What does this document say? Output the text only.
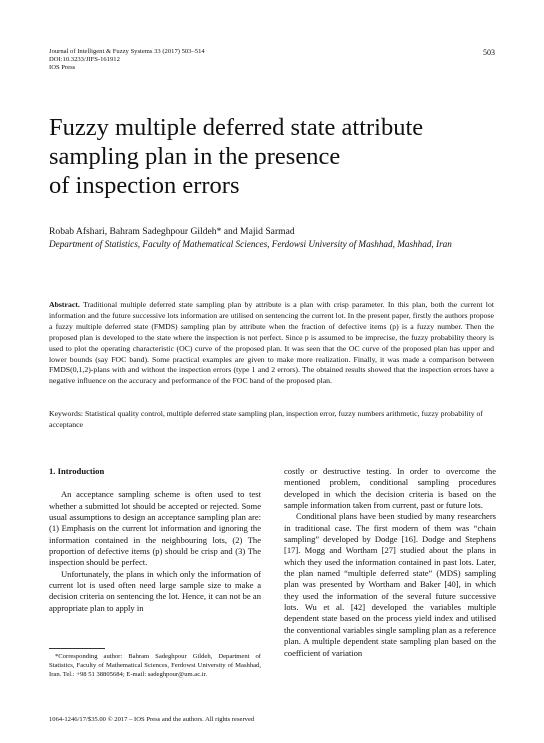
Journal of Intelligent & Fuzzy Systems 33 (2017) 503–514
DOI:10.3233/JIFS-161912
IOS Press
503
Fuzzy multiple deferred state attribute
sampling plan in the presence
of inspection errors
Robab Afshari, Bahram Sadeghpour Gildeh* and Majid Sarmad
Department of Statistics, Faculty of Mathematical Sciences, Ferdowsi University of Mashhad, Mashhad, Iran
Abstract. Traditional multiple deferred state sampling plan by attribute is a plan with crisp parameter. In this plan, both the current lot information and the future successive lots information are utilised on sentencing the current lot. In the present paper, firstly the authors propose a fuzzy multiple deferred state (FMDS) sampling plan by attribute when the fraction of defective items (p) is a fuzzy number. Then the proposed plan is developed to the state where the inspection is not perfect. Since p is assumed to be imprecise, the fuzzy probability theory is used to plot the operating characteristic (OC) curve of the proposed plan. It was seen that the OC curve of the proposed plan has upper and lower bounds (say FOC band). Some practical examples are given to make more realization. Finally, it was made a comparison between FMDS(0,1,2)-plans with and without the inspection errors (type 1 and 2 errors). The obtained results showed that the inspection errors have a negative influence on the accuracy and performance of the FOC band of the proposed plan.
Keywords: Statistical quality control, multiple deferred state sampling plan, inspection error, fuzzy numbers arithmetic, fuzzy probability of acceptance
1. Introduction

An acceptance sampling scheme is often used to test whether a submitted lot should be accepted or rejected. Some usual assumptions to design an acceptance sampling plan are: (1) Emphasis on the current lot information and ignoring the information contained in the neighbouring lots, (2) The proportion of defective items (p) should be crisp and (3) The inspection should be perfect.

Unfortunately, the plans in which only the information of current lot is used often need large sample size to make a decision criteria on sentencing the lot. Hence, it can not be an appropriate plan to apply in

costly or destructive testing. In order to overcome the mentioned problem, conditional sampling procedures developed in which the decision criteria is based on the sample information taken from current, past or future lots.

Conditional plans have been studied by many researchers in traditional case. The first modern of them was “chain sampling” developed by Dodge [16]. Dodge and Stephens [17]. Mogg and Wortham [27] studied about the plans in which they used the information contained in past lots. Later, the plan named “multiple deferred state” (MDS) sampling plan was presented by Wortham and Baker [40], in which they used the information of the several future successive lots. Wu et al. [42] developed the variables multiple dependent state based on the process yield index and utilised the conventional variables single sampling plan as a reference plan. A multiple dependent state sampling plan based on the coefficient of variation

*Corresponding author: Bahram Sadeghpour Gildeh, Department of Statistics, Faculty of Mathematical Sciences, Ferdowsi University of Mashhad, Iran. Tel.: +98 51 38805684; E-mail: sadeghpour@um.ac.ir.

1064-1246/17/$35.00 © 2017 – IOS Press and the authors. All rights reserved
